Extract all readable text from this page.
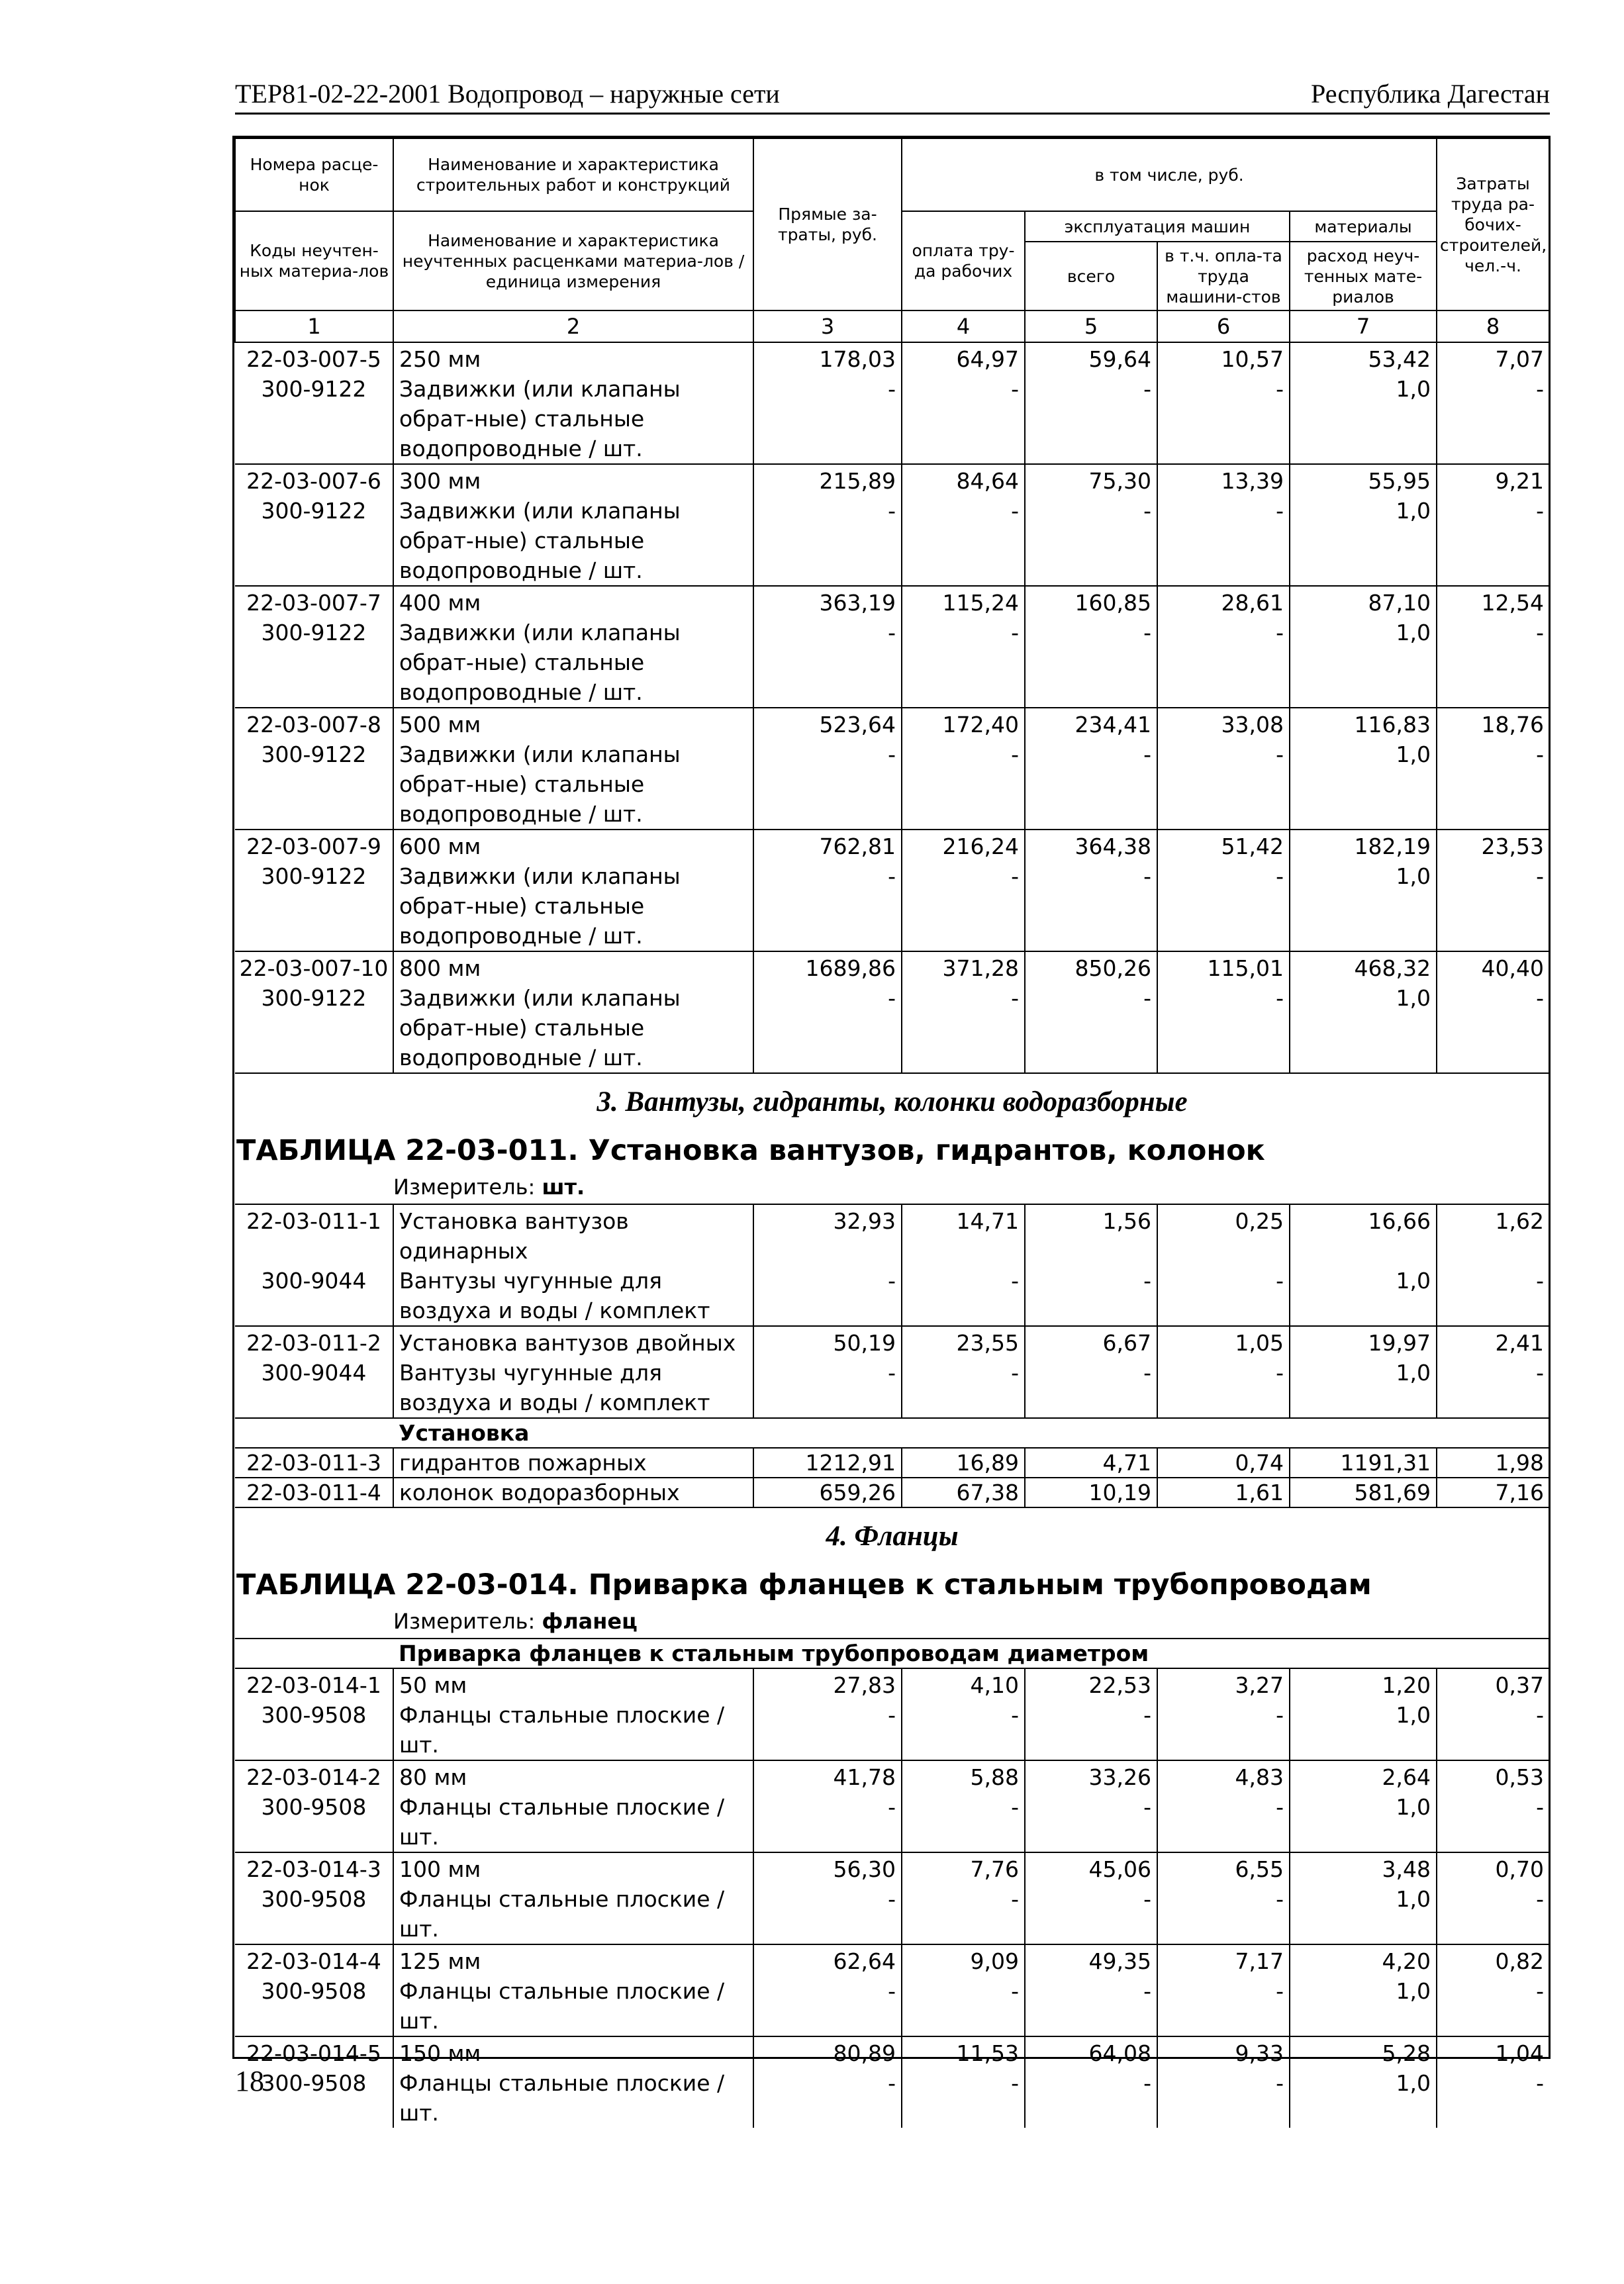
ТЕР81-02-22-2001 Водопровод – наружные сети	Республика Дагестан
Номера расце-нок	Наименование и характеристика строительных работ и конструкций	Прямые за-траты, руб.	в том числе, руб.				Затраты труда ра-бочих-строителей, чел.-ч.
Коды неучтен-ных материа-лов	Наименование и характеристика неучтенных расценками материа-лов / единица измерения		оплата тру-да рабочих	эксплуатация машин		материалы	
				всего	в т.ч. опла-та труда машини-стов	расход неуч-тенных мате-риалов	
1	2	3	4	5	6	7	8
22-03-007-5	250 мм	178,03	64,97	59,64	10,57	53,42	7,07
300-9122	Задвижки (или клапаны обрат-ные) стальные водопроводные / шт.	-	-	-	-	1,0	-
22-03-007-6	300 мм	215,89	84,64	75,30	13,39	55,95	9,21
300-9122	Задвижки (или клапаны обрат-ные) стальные водопроводные / шт.	-	-	-	-	1,0	-
22-03-007-7	400 мм	363,19	115,24	160,85	28,61	87,10	12,54
300-9122	Задвижки (или клапаны обрат-ные) стальные водопроводные / шт.	-	-	-	-	1,0	-
22-03-007-8	500 мм	523,64	172,40	234,41	33,08	116,83	18,76
300-9122	Задвижки (или клапаны обрат-ные) стальные водопроводные / шт.	-	-	-	-	1,0	-
22-03-007-9	600 мм	762,81	216,24	364,38	51,42	182,19	23,53
300-9122	Задвижки (или клапаны обрат-ные) стальные водопроводные / шт.	-	-	-	-	1,0	-
22-03-007-10	800 мм	1689,86	371,28	850,26	115,01	468,32	40,40
300-9122	Задвижки (или клапаны обрат-ные) стальные водопроводные / шт.	-	-	-	-	1,0	-

3. Вантузы, гидранты, колонки водоразборные
ТАБЛИЦА 22-03-011. Установка вантузов, гидрантов, колонок
Измеритель: шт.							

22-03-011-1	Установка вантузов одинарных	32,93	14,71	1,56	0,25	16,66	1,62
300-9044	Вантузы чугунные для воздуха и воды / комплект	-	-	-	-	1,0	-
22-03-011-2	Установка вантузов двойных	50,19	23,55	6,67	1,05	19,97	2,41
300-9044	Вантузы чугунные для воздуха и воды / комплект	-	-	-	-	1,0	-
	Установка						
22-03-011-3	гидрантов пожарных	1212,91	16,89	4,71	0,74	1191,31	1,98
22-03-011-4	колонок водоразборных	659,26	67,38	10,19	1,61	581,69	7,16

4. Фланцы
ТАБЛИЦА 22-03-014. Приварка фланцев к стальным трубопроводам
Измеритель: фланец							

	Приварка фланцев к стальным трубопроводам диаметром						
22-03-014-1	50 мм	27,83	4,10	22,53	3,27	1,20	0,37
300-9508	Фланцы стальные плоские / шт.	-	-	-	-	1,0	-
22-03-014-2	80 мм	41,78	5,88	33,26	4,83	2,64	0,53
300-9508	Фланцы стальные плоские / шт.	-	-	-	-	1,0	-
22-03-014-3	100 мм	56,30	7,76	45,06	6,55	3,48	0,70
300-9508	Фланцы стальные плоские / шт.	-	-	-	-	1,0	-
22-03-014-4	125 мм	62,64	9,09	49,35	7,17	4,20	0,82
300-9508	Фланцы стальные плоские / шт.	-	-	-	-	1,0	-
22-03-014-5	150 мм	80,89	11,53	64,08	9,33	5,28	1,04
300-9508	Фланцы стальные плоские / шт.	-	-	-	-	1,0	-
18
